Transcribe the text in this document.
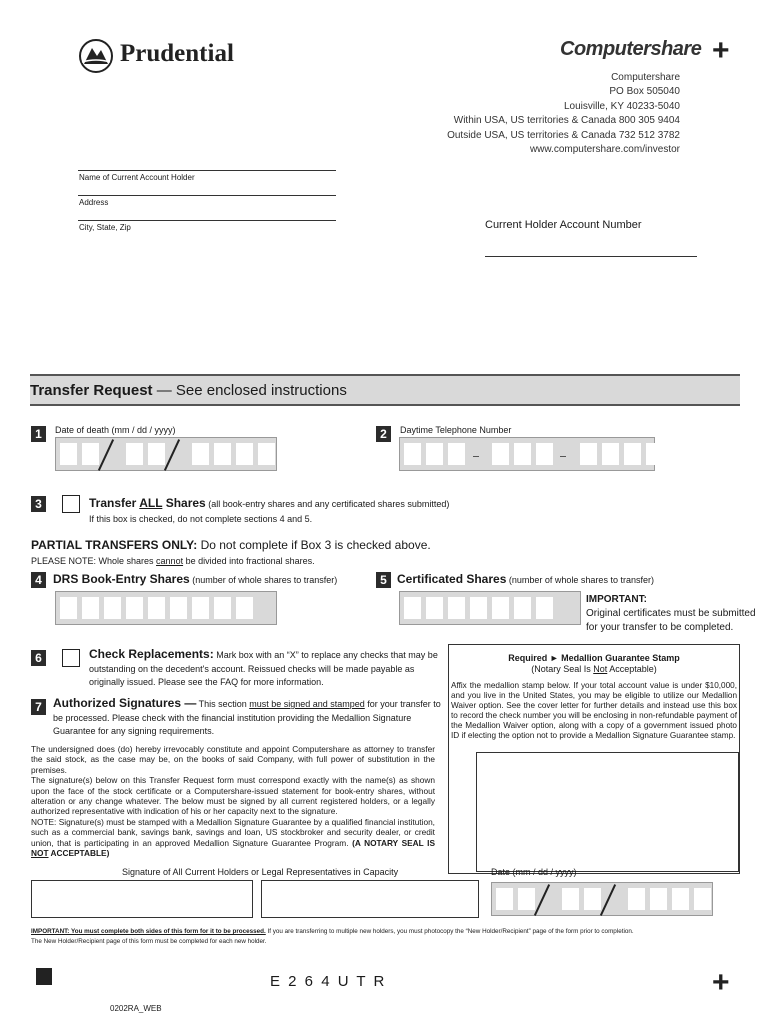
Prudential	Computershare +
Computershare
PO Box 505040
Louisville, KY 40233-5040
Within USA, US territories & Canada 800 305 9404
Outside USA, US territories & Canada 732 512 3782
www.computershare.com/investor
Name of Current Account Holder
Address
City, State, Zip	Current Holder Account Number
Transfer Request — See enclosed instructions
1	Date of death (mm / dd / yyyy)	2	Daytime Telephone Number
3	Transfer ALL Shares (all book-entry shares and any certificated shares submitted)
If this box is checked, do not complete sections 4 and 5.
PARTIAL TRANSFERS ONLY: Do not complete if Box 3 is checked above.
PLEASE NOTE: Whole shares cannot be divided into fractional shares.
4 DRS Book-Entry Shares (number of whole shares to transfer)	5 Certificated Shares (number of whole shares to transfer)
IMPORTANT:
Original certificates must be submitted
for your transfer to be completed.
6	Check Replacements: Mark box with an “X” to replace any checks that may be
outstanding on the decedent's account. Reissued checks will be made payable as
originally issued. Please see the FAQ for more information.
7 Authorized Signatures — This section must be signed and stamped for your transfer to
be processed. Please check with the financial institution providing the Medallion Signature
Guarantee for any signing requirements.
The undersigned does (do) hereby irrevocably constitute and appoint Computershare as attorney to transfer the said stock, as the case may be, on the books of said Company, with full power of substitution in the premises.
The signature(s) below on this Transfer Request form must correspond exactly with the name(s) as shown upon the face of the stock certificate or a Computershare-issued statement for book-entry shares, without alteration or any change whatever. The below must be signed by all current registered holders, or a legally authorized representative with indication of his or her capacity next to the signature.
NOTE: Signature(s) must be stamped with a Medallion Signature Guarantee by a qualified financial institution, such as a commercial bank, savings bank, savings and loan, US stockbroker and security dealer, or credit union, that is participating in an approved Medallion Signature Guarantee Program. (A NOTARY SEAL IS NOT ACCEPTABLE)
Required ► Medallion Guarantee Stamp
(Notary Seal Is Not Acceptable)
Affix the medallion stamp below. If your total account value is under $10,000, and you live in the United States, you may be eligible to utilize our Medallion Waiver option. See the cover letter for further details and instead use this box to record the check number you will be enclosing in non-refundable payment of the Medallion Waiver option, along with a copy of a government issued photo ID if electing the option not to provide a Medallion Signature Guarantee stamp.
Signature of All Current Holders or Legal Representatives in Capacity	Date (mm / dd / yyyy)
IMPORTANT: You must complete both sides of this form for it to be processed. If you are transferring to multiple new holders, you must photocopy the “New Holder/Recipient” page of the form prior to completion.
The New Holder/Recipient page of this form must be completed for each new holder.
E 2 6 4 U T R	+
0202RA_WEB
